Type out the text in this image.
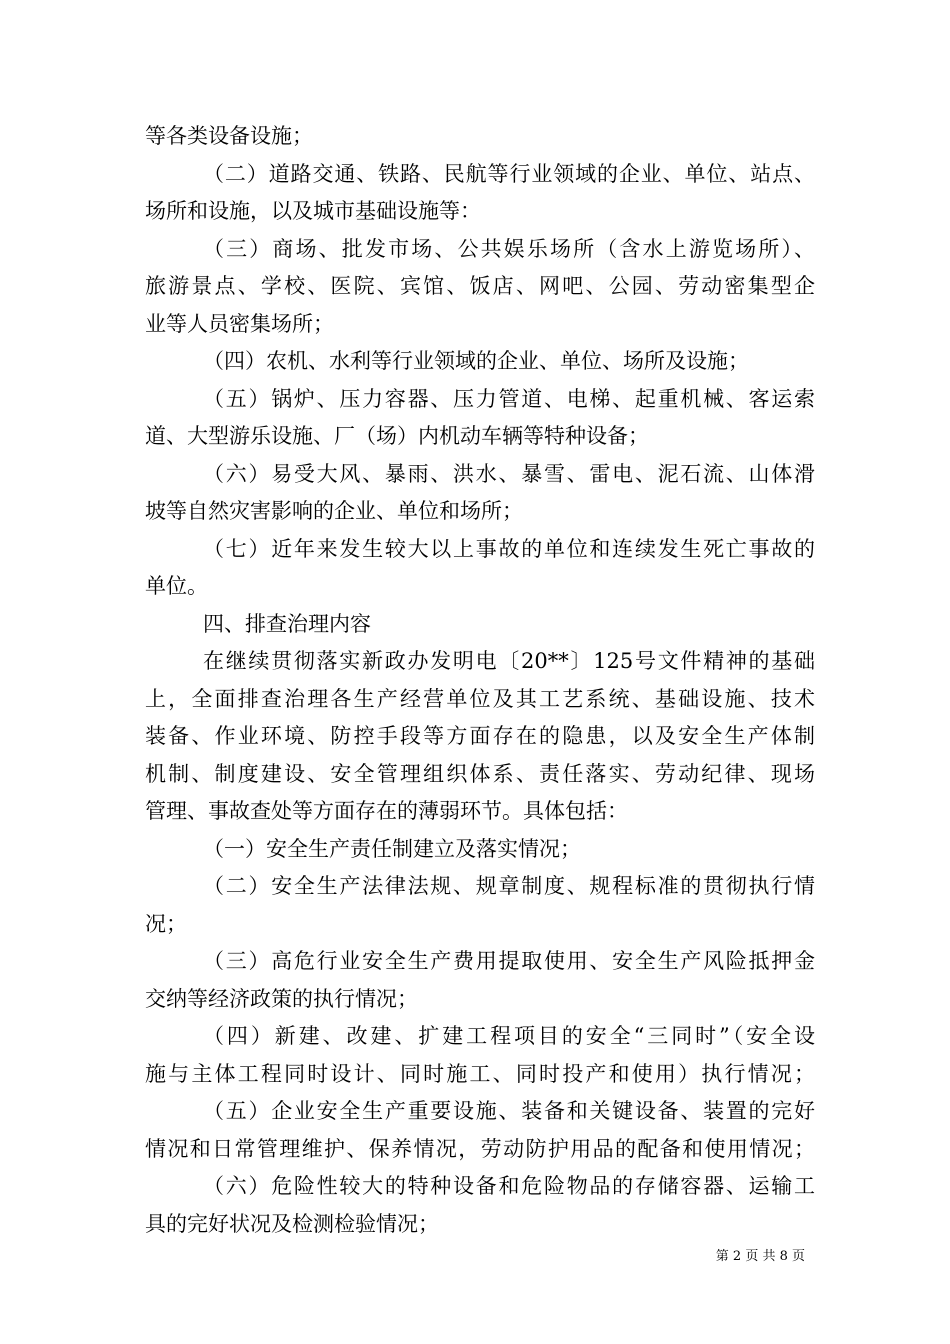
等各类设备设施；
（二）道路交通、铁路、民航等行业领域的企业、单位、站点、
场所和设施，以及城市基础设施等：
（三）商场、批发市场、公共娱乐场所（含水上游览场所）、
旅游景点、学校、医院、宾馆、饭店、网吧、公园、劳动密集型企
业等人员密集场所；
（四）农机、水利等行业领域的企业、单位、场所及设施；
（五）锅炉、压力容器、压力管道、电梯、起重机械、客运索
道、大型游乐设施、厂（场）内机动车辆等特种设备；
（六）易受大风、暴雨、洪水、暴雪、雷电、泥石流、山体滑
坡等自然灾害影响的企业、单位和场所；
（七）近年来发生较大以上事故的单位和连续发生死亡事故的
单位。
四、排查治理内容
在继续贯彻落实新政办发明电〔20**〕125号文件精神的基础
上，全面排查治理各生产经营单位及其工艺系统、基础设施、技术
装备、作业环境、防控手段等方面存在的隐患，以及安全生产体制
机制、制度建设、安全管理组织体系、责任落实、劳动纪律、现场
管理、事故查处等方面存在的薄弱环节。具体包括：
（一）安全生产责任制建立及落实情况；
（二）安全生产法律法规、规章制度、规程标准的贯彻执行情
况；
（三）高危行业安全生产费用提取使用、安全生产风险抵押金
交纳等经济政策的执行情况；
（四）新建、改建、扩建工程项目的安全“三同时”（安全设
施与主体工程同时设计、同时施工、同时投产和使用）执行情况；
（五）企业安全生产重要设施、装备和关键设备、装置的完好
情况和日常管理维护、保养情况，劳动防护用品的配备和使用情况；
（六）危险性较大的特种设备和危险物品的存储容器、运输工
具的完好状况及检测检验情况；
第 2 页 共 8 页
